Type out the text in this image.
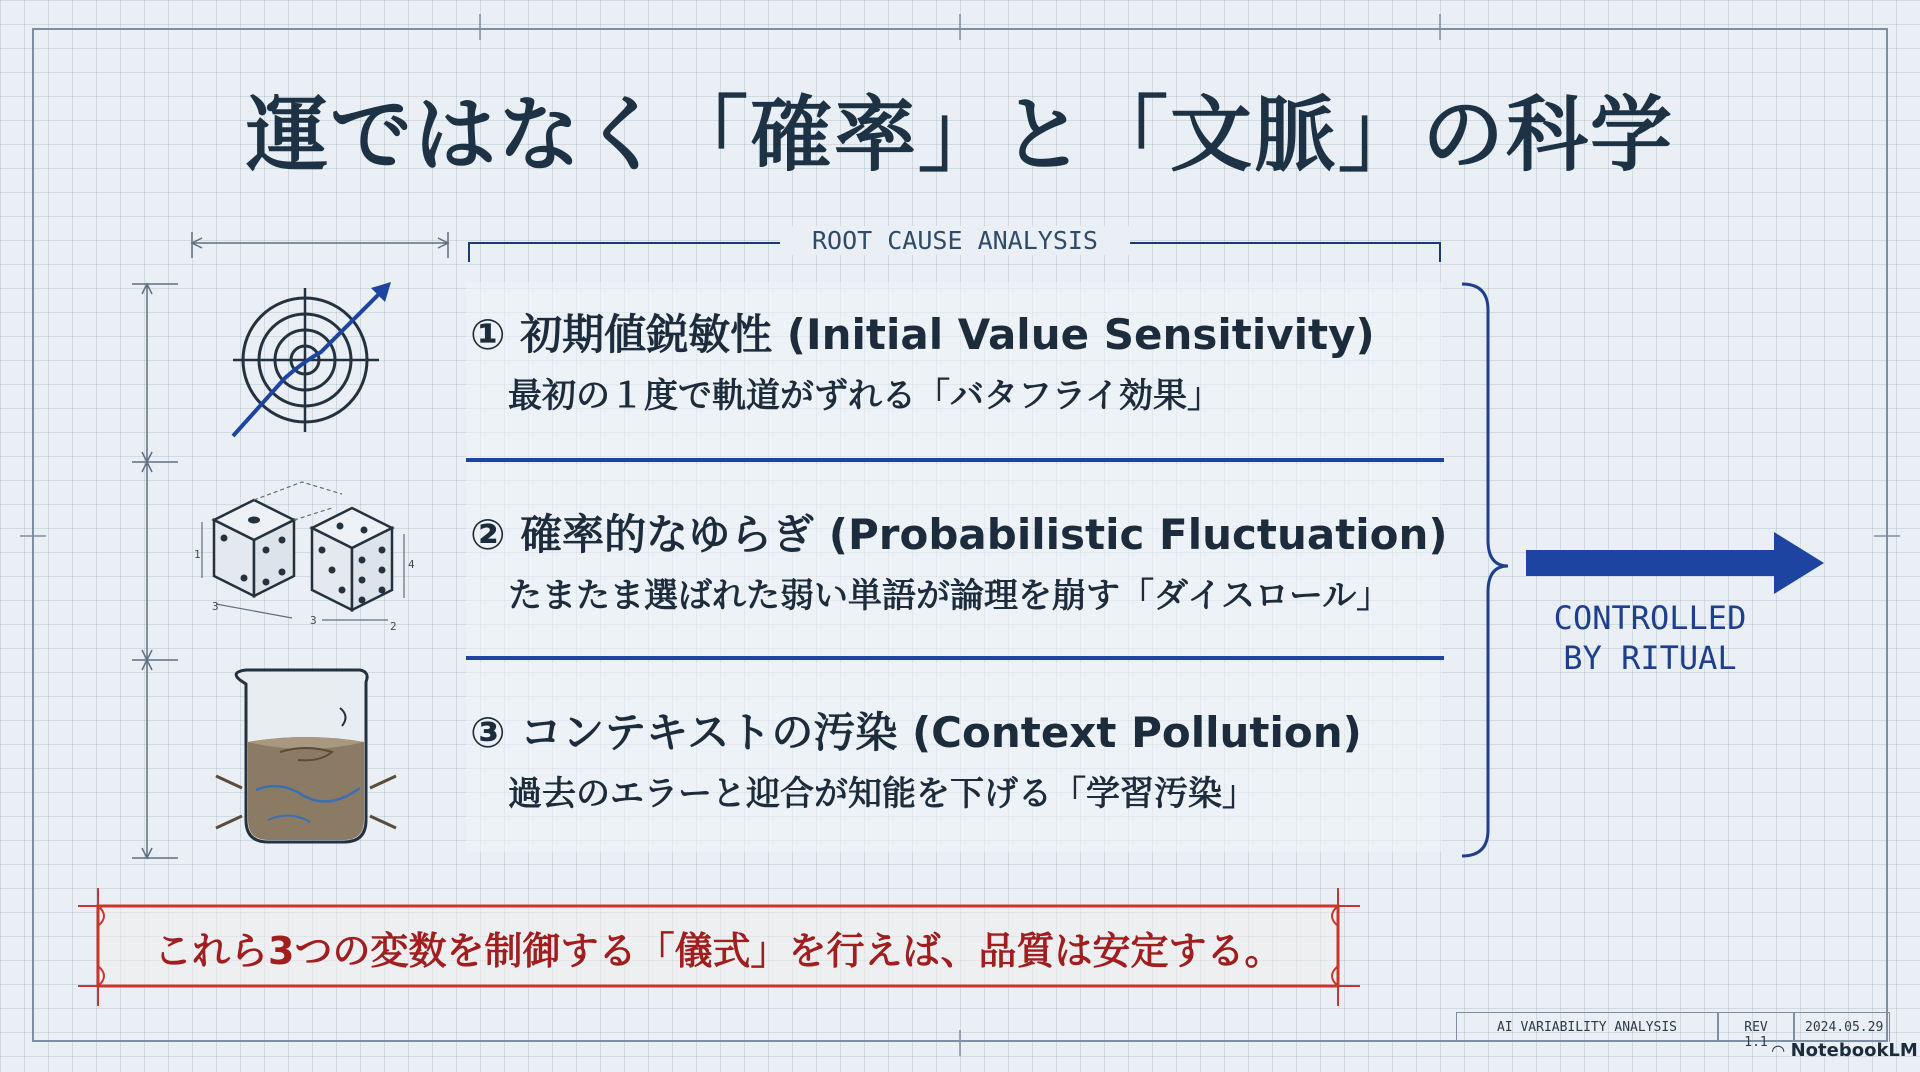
運ではなく「確率」と「文脈」の科学
ROOT CAUSE ANALYSIS
① 初期値鋭敏性 (Initial Value Sensitivity)
最初の１度で軌道がずれる「バタフライ効果」
1
3
3	2
4
② 確率的なゆらぎ (Probabilistic Fluctuation)
たまたま選ばれた弱い単語が論理を崩す「ダイスロール」
③ コンテキストの汚染 (Context Pollution)
過去のエラーと迎合が知能を下げる「学習汚染」
CONTROLLED
BY RITUAL
これら3つの変数を制御する「儀式」を行えば、品質は安定する。
AI VARIABILITY ANALYSIS	REV 1.1
2024.05.29
◠ NotebookLM
